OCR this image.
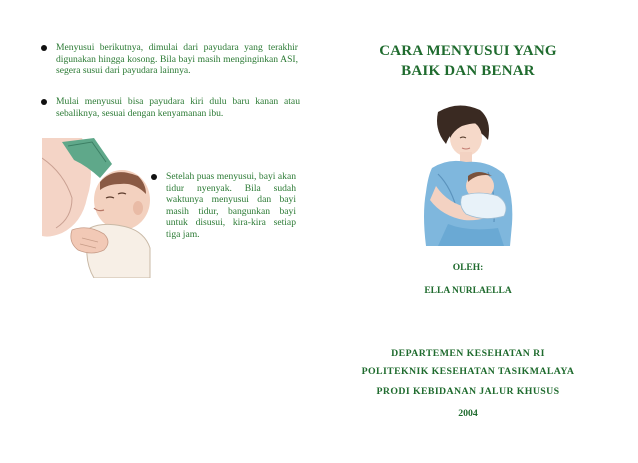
Menyusui berikutnya, dimulai dari payudara yang terakhir digunakan hingga kosong. Bila bayi masih menginginkan ASI, segera susui dari payudara lainnya.
Mulai menyusui bisa payudara kiri dulu baru kanan atau sebaliknya, sesuai dengan kenyamanan ibu.
Setelah puas menyusui, bayi akan tidur nyenyak. Bila sudah waktunya menyusui dan bayi masih tidur, bangunkan bayi untuk disusui, kira-kira setiap tiga jam.
CARA MENYUSUI YANG
BAIK DAN BENAR
OLEH:
ELLA NURLAELLA
DEPARTEMEN KESEHATAN RI
POLITEKNIK KESEHATAN TASIKMALAYA
PRODI KEBIDANAN JALUR KHUSUS
2004
